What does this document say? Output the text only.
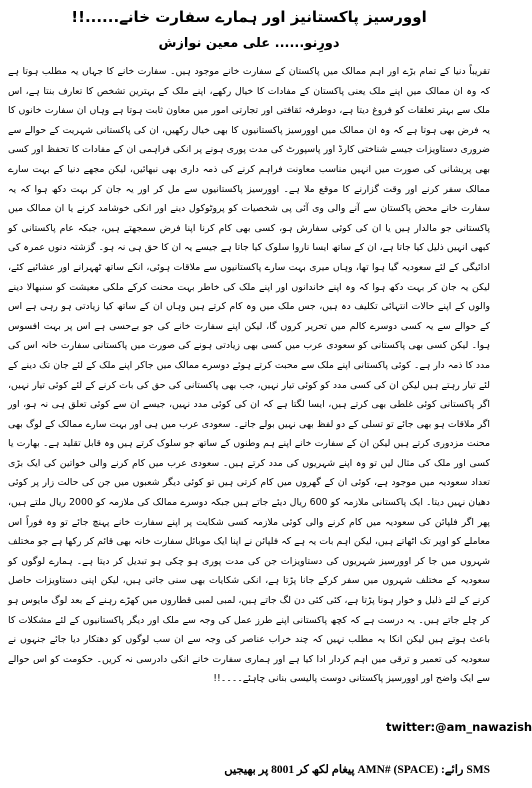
اوورسیز پاکستانیز اور ہمارے سفارت خانے......!!
دورِنو...... علی معین نوازش

تقریباً دنیا کے تمام بڑے اور اہم ممالک میں پاکستان کے سفارت خانے موجود ہیں۔ سفارت خانے کا جہاں یہ مطلب ہوتا ہے کہ وہ ان ممالک میں اپنے ملک یعنی پاکستان کے مفادات کا خیال رکھے، اپنے ملک کے بہترین تشخص کا تعارف بنتا ہے، اس ملک سے بہتر تعلقات کو فروغ دیتا ہے، دوطرفہ ثقافتی اور تجارتی امور میں معاون ثابت ہوتا ہے وہاں ان سفارت خانوں کا یہ فرض بھی ہوتا ہے کہ وہ ان ممالک میں اوورسیز پاکستانیوں کا بھی خیال رکھیں، ان کی پاکستانی شہریت کے حوالے سے ضروری دستاویزات جیسے شناختی کارڈ اور پاسپورٹ کی مدت پوری ہونے پر انکی فراہمی ان کے مفادات کا تحفظ اور کسی بھی پریشانی کی صورت میں انہیں مناسب معاونت فراہم کرنے کی ذمہ داری بھی نبھائیں، لیکن مجھے دنیا کے بہت سارے ممالک سفر کرنے اور وقت گزارنے کا موقع ملا ہے۔ اوورسیز پاکستانیوں سے مل کر اور یہ جان کر بہت دکھ ہوا کہ یہ سفارت خانے محض پاکستان سے آنے والی وی آئی پی شخصیات کو پروٹوکول دینے اور انکی خوشامد کرنے یا ان ممالک میں پاکستانی جو مالدار ہیں یا ان کی کوئی سفارش ہو، کسی بھی کام کرنا اپنا فرض سمجھتے ہیں، جبکہ عام پاکستانی کو کبھی انہیں ذلیل کیا جاتا ہے، ان کے ساتھ ایسا ناروا سلوک کیا جاتا ہے جیسے یہ ان کا حق ہی نہ ہو۔ گزشتہ دنوں عمرہ کی ادائیگی کے لئے سعودیہ گیا ہوا تھا، وہاں میری بہت سارے پاکستانیوں سے ملاقات ہوئی، انکے ساتھ ٹھہرانے اور عشائیے کئے، لیکن یہ جان کر بہت دکھ ہوا کہ وہ اپنے خاندانوں اور اپنے ملک کی خاطر بہت محنت کرکے ملکی معیشت کو سنبھالا دینے والوں کے اپنے حالات انتہائی تکلیف دہ ہیں، جس ملک میں وہ کام کرتے ہیں وہاں ان کے ساتھ کیا زیادتی ہو رہی ہے اس کے حوالے سے یہ کسی دوسرے کالم میں تحریر کروں گا، لیکن اپنے سفارت خانے کی جو بےحسی ہے اس پر بہت افسوس ہوا۔ لیکن کسی بھی پاکستانی کو سعودی عرب میں کسی بھی زیادتی ہونے کی صورت میں پاکستانی سفارت خانہ اس کی مدد کا ذمہ دار ہے۔ کوئی پاکستانی اپنے ملک سے محبت کرتے ہوئے دوسرے ممالک میں جاکر اپنے ملک کے لئے جان تک دینے کے لئے تیار رہتے ہیں لیکن ان کی کسی مدد کو کوئی تیار نہیں، جب بھی پاکستانی کی حق کی بات کرنے کے لئے کوئی تیار نہیں، اگر پاکستانی کوئی غلطی بھی کرتے ہیں، ایسا لگتا ہے کہ ان کی کوئی مدد نہیں، جیسے ان سے کوئی تعلق ہی نہ ہو، اور اگر ملاقات ہو بھی جائے تو تسلی کے دو لفظ بھی نہیں بولے جاتے۔ سعودی عرب میں ہی اور بہت سارے ممالک کے لوگ بھی محنت مزدوری کرتے ہیں لیکن ان کے سفارت خانے اپنے ہم وطنوں کے ساتھ جو سلوک کرتے ہیں وہ قابل تقلید ہے۔ بھارت یا کسی اور ملک کی مثال لیں تو وہ اپنے شہریوں کی مدد کرتے ہیں۔ سعودی عرب میں کام کرنے والی خواتین کی ایک بڑی تعداد سعودیہ میں موجود ہے، کوئی ان کے گھروں میں کام کرتی ہیں تو کوئی دیگر شعبوں میں جن کی حالت زار پر کوئی دھیان نہیں دیتا۔ ایک پاکستانی ملازمہ کو 600 ریال دیئے جاتے ہیں جبکہ دوسرے ممالک کی ملازمہ کو 2000 ریال ملتے ہیں، پھر اگر فلپائن کی سعودیہ میں کام کرنے والی کوئی ملازمہ کسی شکایت پر اپنے سفارت خانے پہنچ جائے تو وہ فوراً اس معاملے کو اوپر تک اٹھاتے ہیں، لیکن اہم بات یہ ہے کہ فلپائن نے اپنا ایک موبائل سفارت خانہ بھی قائم کر رکھا ہے جو مختلف شہروں میں جا کر اوورسیز شہریوں کی دستاویزات جن کی مدت پوری ہو چکی ہو تبدیل کر دیتا ہے۔ ہمارے لوگوں کو سعودیہ کے مختلف شہروں میں سفر کرکے جانا پڑتا ہے، انکی شکایات بھی سنی جاتی ہیں، لیکن اپنی دستاویزات حاصل کرنے کے لئے ذلیل و خوار ہونا پڑتا ہے، کئی کئی دن لگ جاتے ہیں، لمبی لمبی قطاروں میں کھڑے رہنے کے بعد لوگ مایوس ہو کر چلے جاتے ہیں۔ یہ درست ہے کہ کچھ پاکستانی اپنے طرز عمل کی وجہ سے ملک اور دیگر پاکستانیوں کے لئے مشکلات کا باعث ہوتے ہیں لیکن انکا یہ مطلب نہیں کہ چند خراب عناصر کی وجہ سے ان سب لوگوں کو دھتکار دیا جائے جنہوں نے سعودیہ کی تعمیر و ترقی میں اہم کردار ادا کیا ہے اور ہماری سفارت خانے انکی دادرسی نہ کریں۔ حکومت کو اس حوالے سے ایک واضح اور اوورسیز پاکستانی دوست پالیسی بنانی چاہئے۔۔۔۔!!

twitter:@am_nawazish
SMS رائے: AMN# (SPACE) پیغام لکھ کر 8001 پر بھیجیں
